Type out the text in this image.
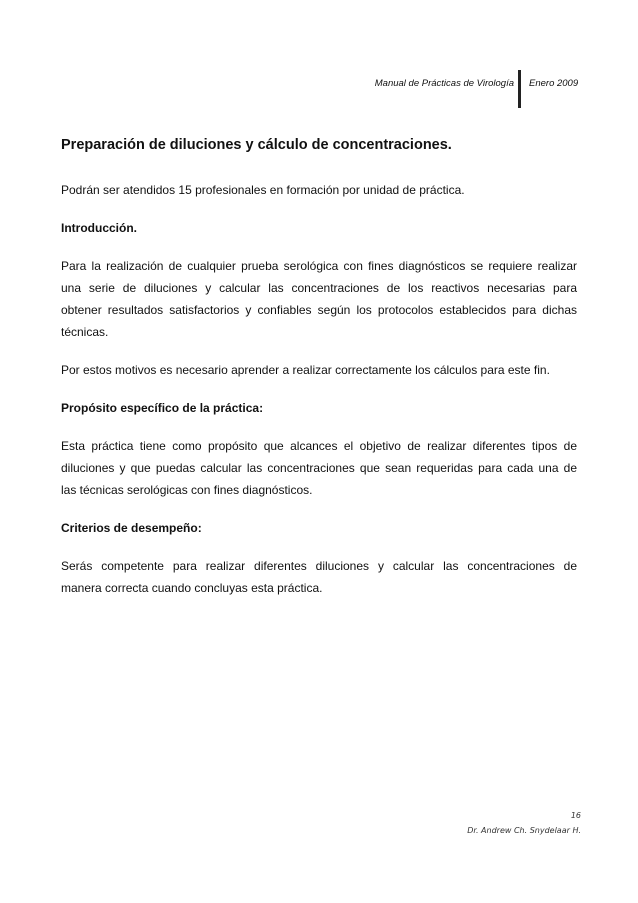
Manual de Prácticas de Virología Enero 2009
Preparación de diluciones y cálculo de concentraciones.

Podrán ser atendidos 15 profesionales en formación por unidad de práctica.

Introducción.

Para la realización de cualquier prueba serológica con fines diagnósticos se requiere realizar

una serie de diluciones y calcular las concentraciones de los reactivos necesarias para

obtener resultados satisfactorios y confiables según los protocolos establecidos para dichas

técnicas.

Por estos motivos es necesario aprender a realizar correctamente los cálculos para este fin.

Propósito específico de la práctica:

Esta práctica tiene como propósito que alcances el objetivo de realizar diferentes tipos de

diluciones y que puedas calcular las concentraciones que sean requeridas para cada una de

las técnicas serológicas con fines diagnósticos.

Criterios de desempeño:

Serás competente para realizar diferentes diluciones y calcular las concentraciones de

manera correcta cuando concluyas esta práctica.

16
Dr. Andrew Ch. Snydelaar H.
